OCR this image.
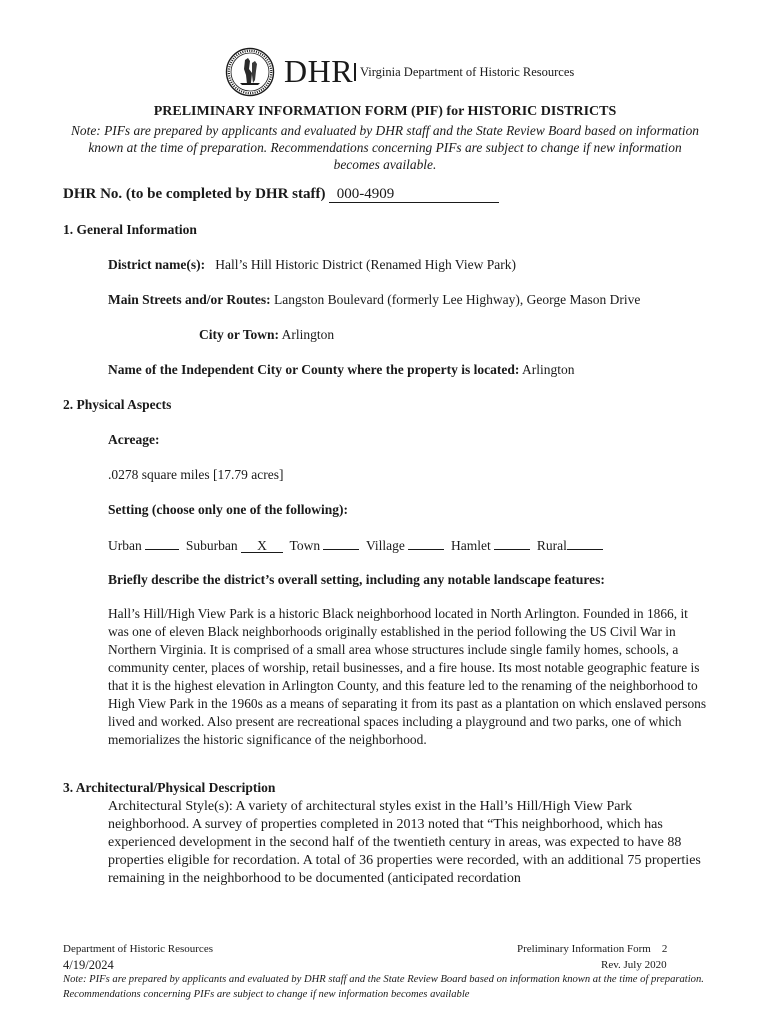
DHR Virginia Department of Historic Resources
PRELIMINARY INFORMATION FORM (PIF) for HISTORIC DISTRICTS
Note: PIFs are prepared by applicants and evaluated by DHR staff and the State Review Board based on information known at the time of preparation. Recommendations concerning PIFs are subject to change if new information becomes available.
DHR No. (to be completed by DHR staff) 000-4909
1. General Information
District name(s): Hall’s Hill Historic District (Renamed High View Park)
Main Streets and/or Routes: Langston Boulevard (formerly Lee Highway), George Mason Drive
City or Town: Arlington
Name of the Independent City or County where the property is located: Arlington
2. Physical Aspects
Acreage:
.0278 square miles [17.79 acres]
Setting (choose only one of the following):
Urban	Suburban X Town	Village	Hamlet	Rural
Briefly describe the district’s overall setting, including any notable landscape features:
Hall’s Hill/High View Park is a historic Black neighborhood located in North Arlington. Founded in 1866, it was one of eleven Black neighborhoods originally established in the period following the US Civil War in Northern Virginia. It is comprised of a small area whose structures include single family homes, schools, a community center, places of worship, retail businesses, and a fire house. Its most notable geographic feature is that it is the highest elevation in Arlington County, and this feature led to the renaming of the neighborhood to High View Park in the 1960s as a means of separating it from its past as a plantation on which enslaved persons lived and worked. Also present are recreational spaces including a playground and two parks, one of which memorializes the historic significance of the neighborhood.
3. Architectural/Physical Description
Architectural Style(s): A variety of architectural styles exist in the Hall’s Hill/High View Park neighborhood. A survey of properties completed in 2013 noted that “This neighborhood, which has experienced development in the second half of the twentieth century in areas, was expected to have 88 properties eligible for recordation. A total of 36 properties were recorded, with an additional 75 properties remaining in the neighborhood to be documented (anticipated recordation
Department of Historic Resources	Preliminary Information Form 2
4/19/2024	Rev. July 2020
Note: PIFs are prepared by applicants and evaluated by DHR staff and the State Review Board based on information known at the time of preparation. Recommendations concerning PIFs are subject to change if new information becomes available
